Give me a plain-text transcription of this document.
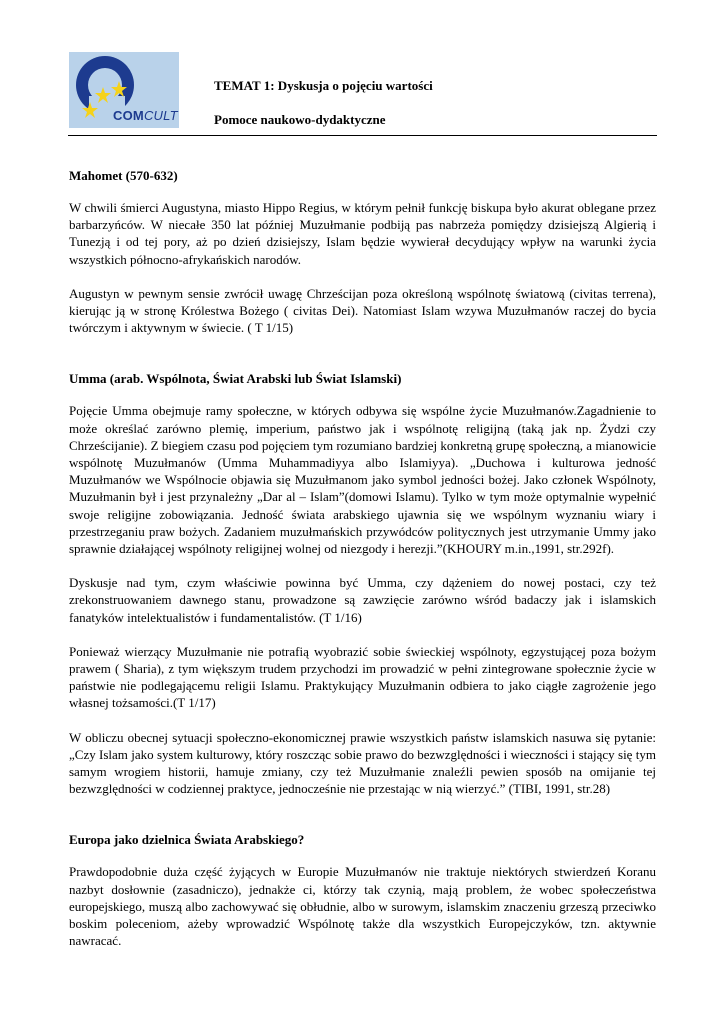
COMCULT
TEMAT 1: Dyskusja o pojęciu wartości
Pomoce naukowo-dydaktyczne
Mahomet (570-632)

W chwili śmierci Augustyna, miasto Hippo Regius, w którym pełnił funkcję biskupa było akurat oblegane przez barbarzyńców. W niecałe 350 lat później Muzułmanie podbiją pas nabrzeża pomiędzy dzisiejszą Algierią i Tunezją i od tej pory, aż po dzień dzisiejszy, Islam będzie wywierał decydujący wpływ na warunki życia wszystkich północno-afrykańskich narodów.

Augustyn w pewnym sensie zwrócił uwagę Chrześcijan poza określoną wspólnotę światową (civitas terrena), kierując ją w stronę Królestwa Bożego ( civitas Dei). Natomiast Islam wzywa Muzułmanów raczej do bycia twórczym i aktywnym w świecie. ( T 1/15)

Umma (arab. Wspólnota, Świat Arabski lub Świat Islamski)

Pojęcie Umma obejmuje ramy społeczne, w których odbywa się wspólne życie Muzułmanów.Zagadnienie to może określać zarówno plemię, imperium, państwo jak i wspólnotę religijną (taką jak np. Żydzi czy Chrześcijanie). Z biegiem czasu pod pojęciem tym rozumiano bardziej konkretną grupę społeczną, a mianowicie wspólnotę Muzułmanów (Umma Muhammadiyya albo Islamiyya). „Duchowa i kulturowa jedność Muzułmanów we Wspólnocie objawia się Muzułmanom jako symbol jedności bożej. Jako członek Wspólnoty, Muzułmanin był i jest przynależny „Dar al – Islam”(domowi Islamu). Tylko w tym może optymalnie wypełnić swoje religijne zobowiązania. Jedność świata arabskiego ujawnia się we wspólnym wyznaniu wiary i przestrzeganiu praw bożych. Zadaniem muzułmańskich przywódców politycznych jest utrzymanie Ummy jako sprawnie działającej wspólnoty religijnej wolnej od niezgody i herezji.”(KHOURY m.in.,1991, str.292f).

Dyskusje nad tym, czym właściwie powinna być Umma, czy dążeniem do nowej postaci, czy też zrekonstruowaniem dawnego stanu, prowadzone są zawzięcie zarówno wśród badaczy jak i islamskich fanatyków intelektualistów i fundamentalistów. (T 1/16)

Ponieważ wierzący Muzułmanie nie potrafią wyobrazić sobie świeckiej wspólnoty, egzystującej poza bożym prawem ( Sharia), z tym większym trudem przychodzi im prowadzić w pełni zintegrowane społecznie życie w państwie nie podlegającemu religii Islamu. Praktykujący Muzułmanin odbiera to jako ciągłe zagrożenie jego własnej tożsamości.(T 1/17)

W obliczu obecnej sytuacji społeczno-ekonomicznej prawie wszystkich państw islamskich nasuwa się pytanie: „Czy Islam jako system kulturowy, który roszcząc sobie prawo do bezwzględności i wieczności i stający się tym samym wrogiem historii, hamuje zmiany, czy też Muzułmanie znaleźli pewien sposób na omijanie tej bezwzględności w codziennej praktyce, jednocześnie nie przestając w nią wierzyć.” (TIBI, 1991, str.28)

Europa jako dzielnica Świata Arabskiego?

Prawdopodobnie duża część żyjących w Europie Muzułmanów nie traktuje niektórych stwierdzeń Koranu nazbyt dosłownie (zasadniczo), jednakże ci, którzy tak czynią, mają problem, że wobec społeczeństwa europejskiego, muszą albo zachowywać się obłudnie, albo w surowym, islamskim znaczeniu grzeszą przeciwko boskim poleceniom, ażeby wprowadzić Wspólnotę także dla wszystkich Europejczyków, tzn. aktywnie nawracać.
